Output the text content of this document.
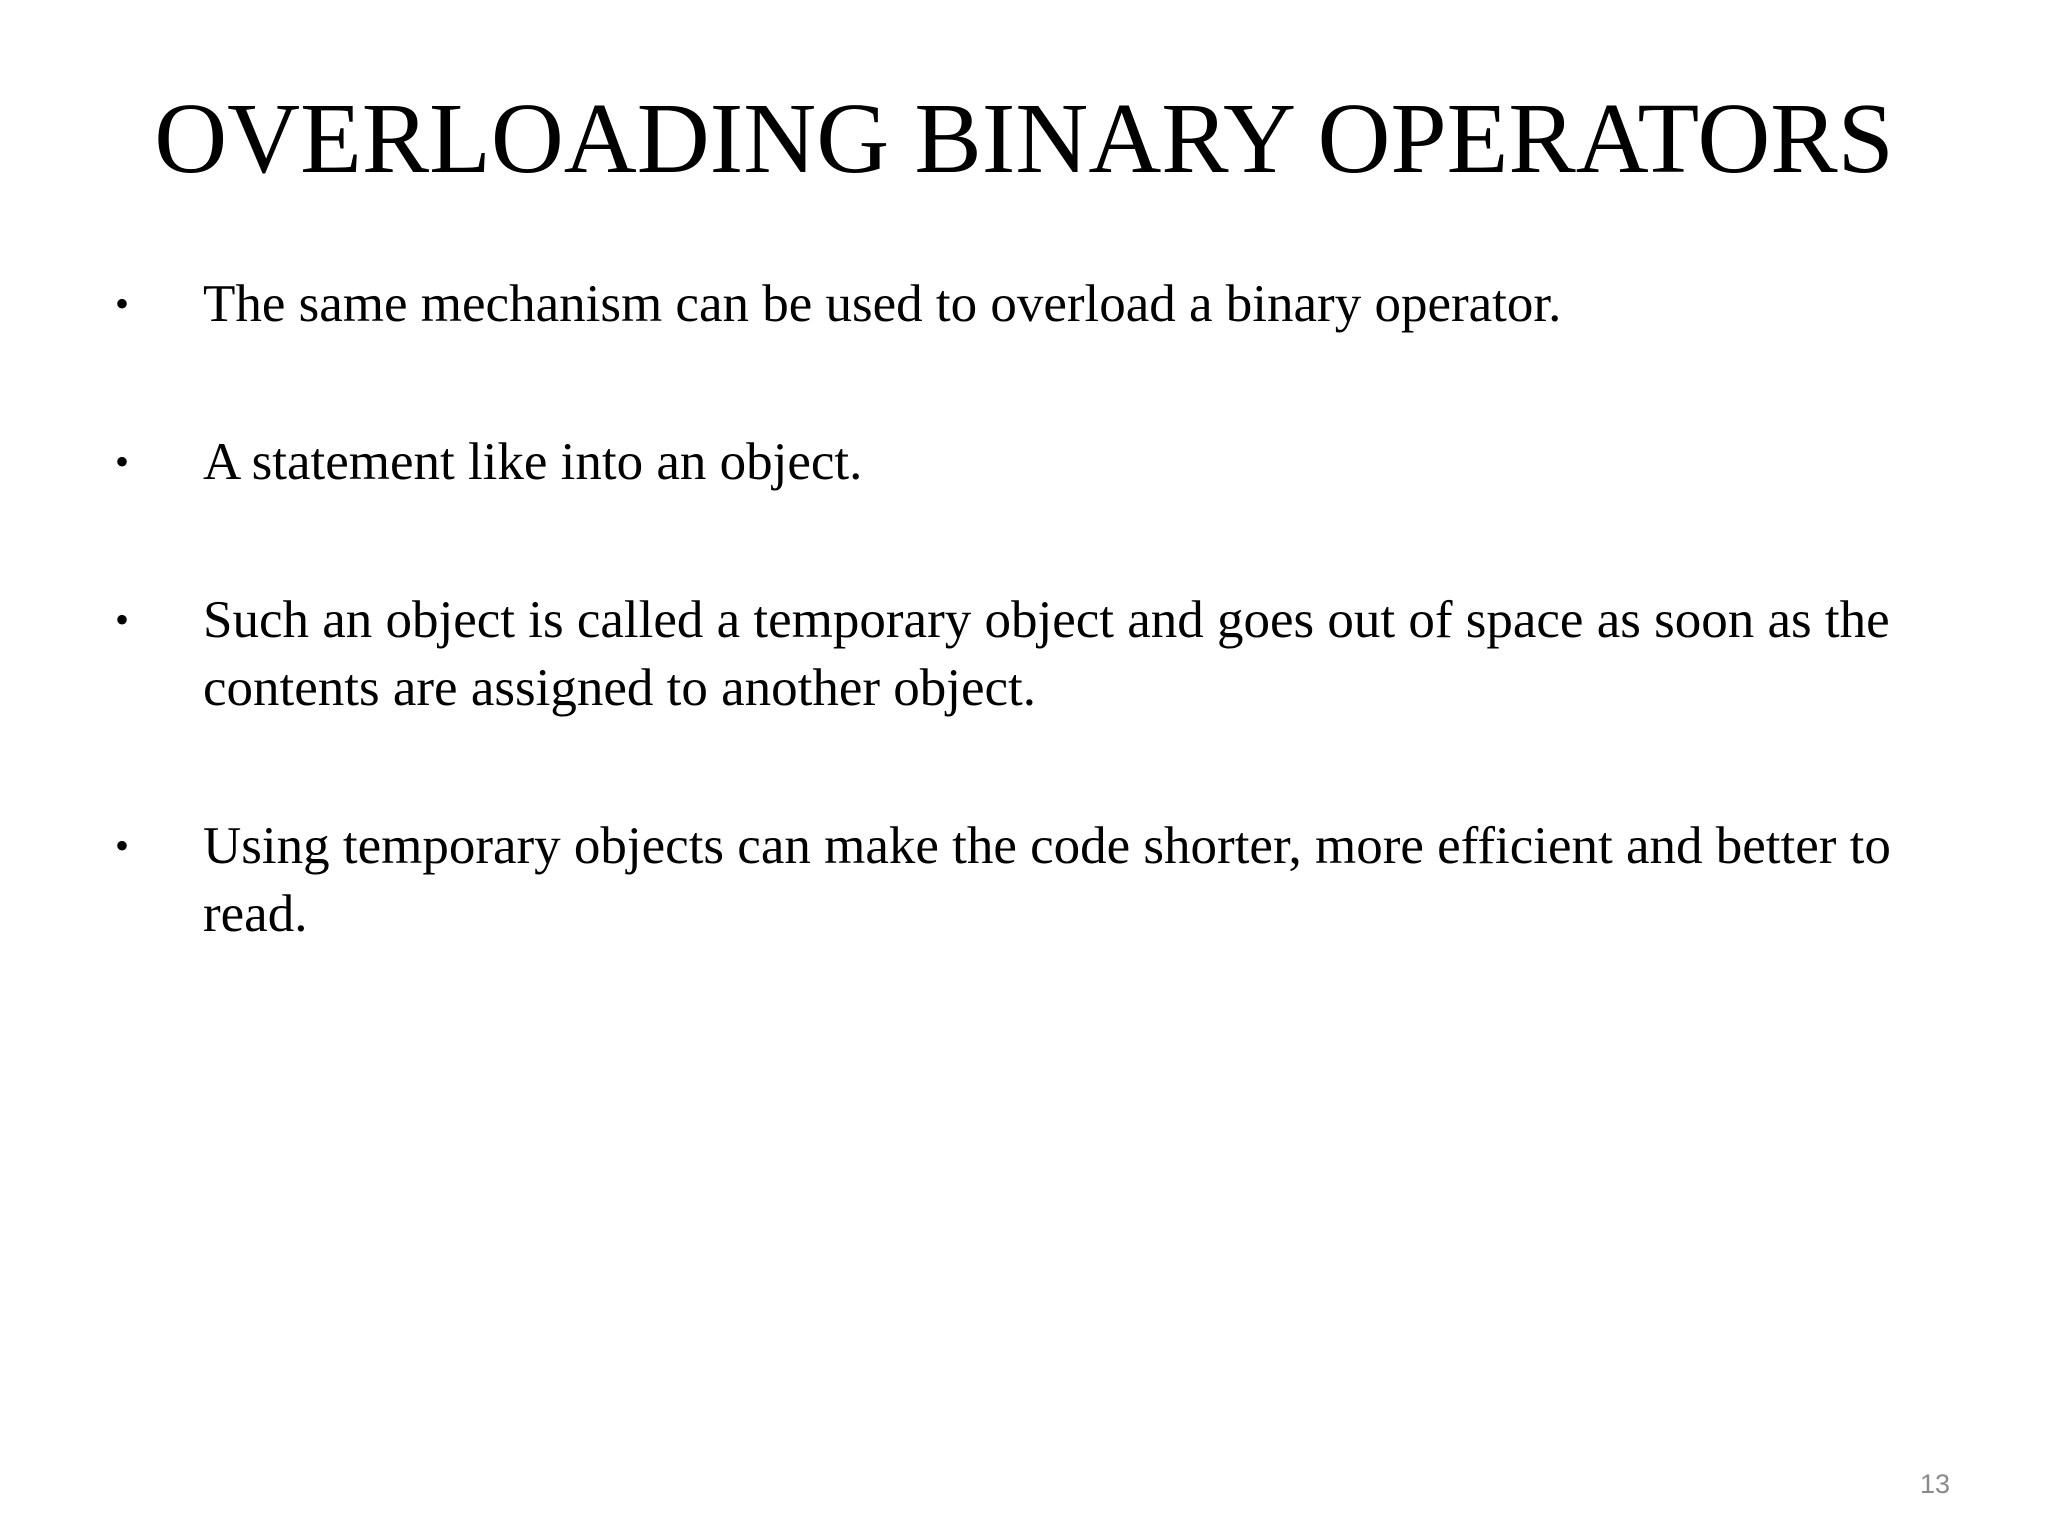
OVERLOADING BINARY OPERATORS
•	The same mechanism can be used to overload a binary operator.
•	A statement like into an object.
•	Such an object is called a temporary object and goes out of space as soon as the contents are assigned to another object.
•	Using temporary objects can make the code shorter, more efficient and better to read.
13
